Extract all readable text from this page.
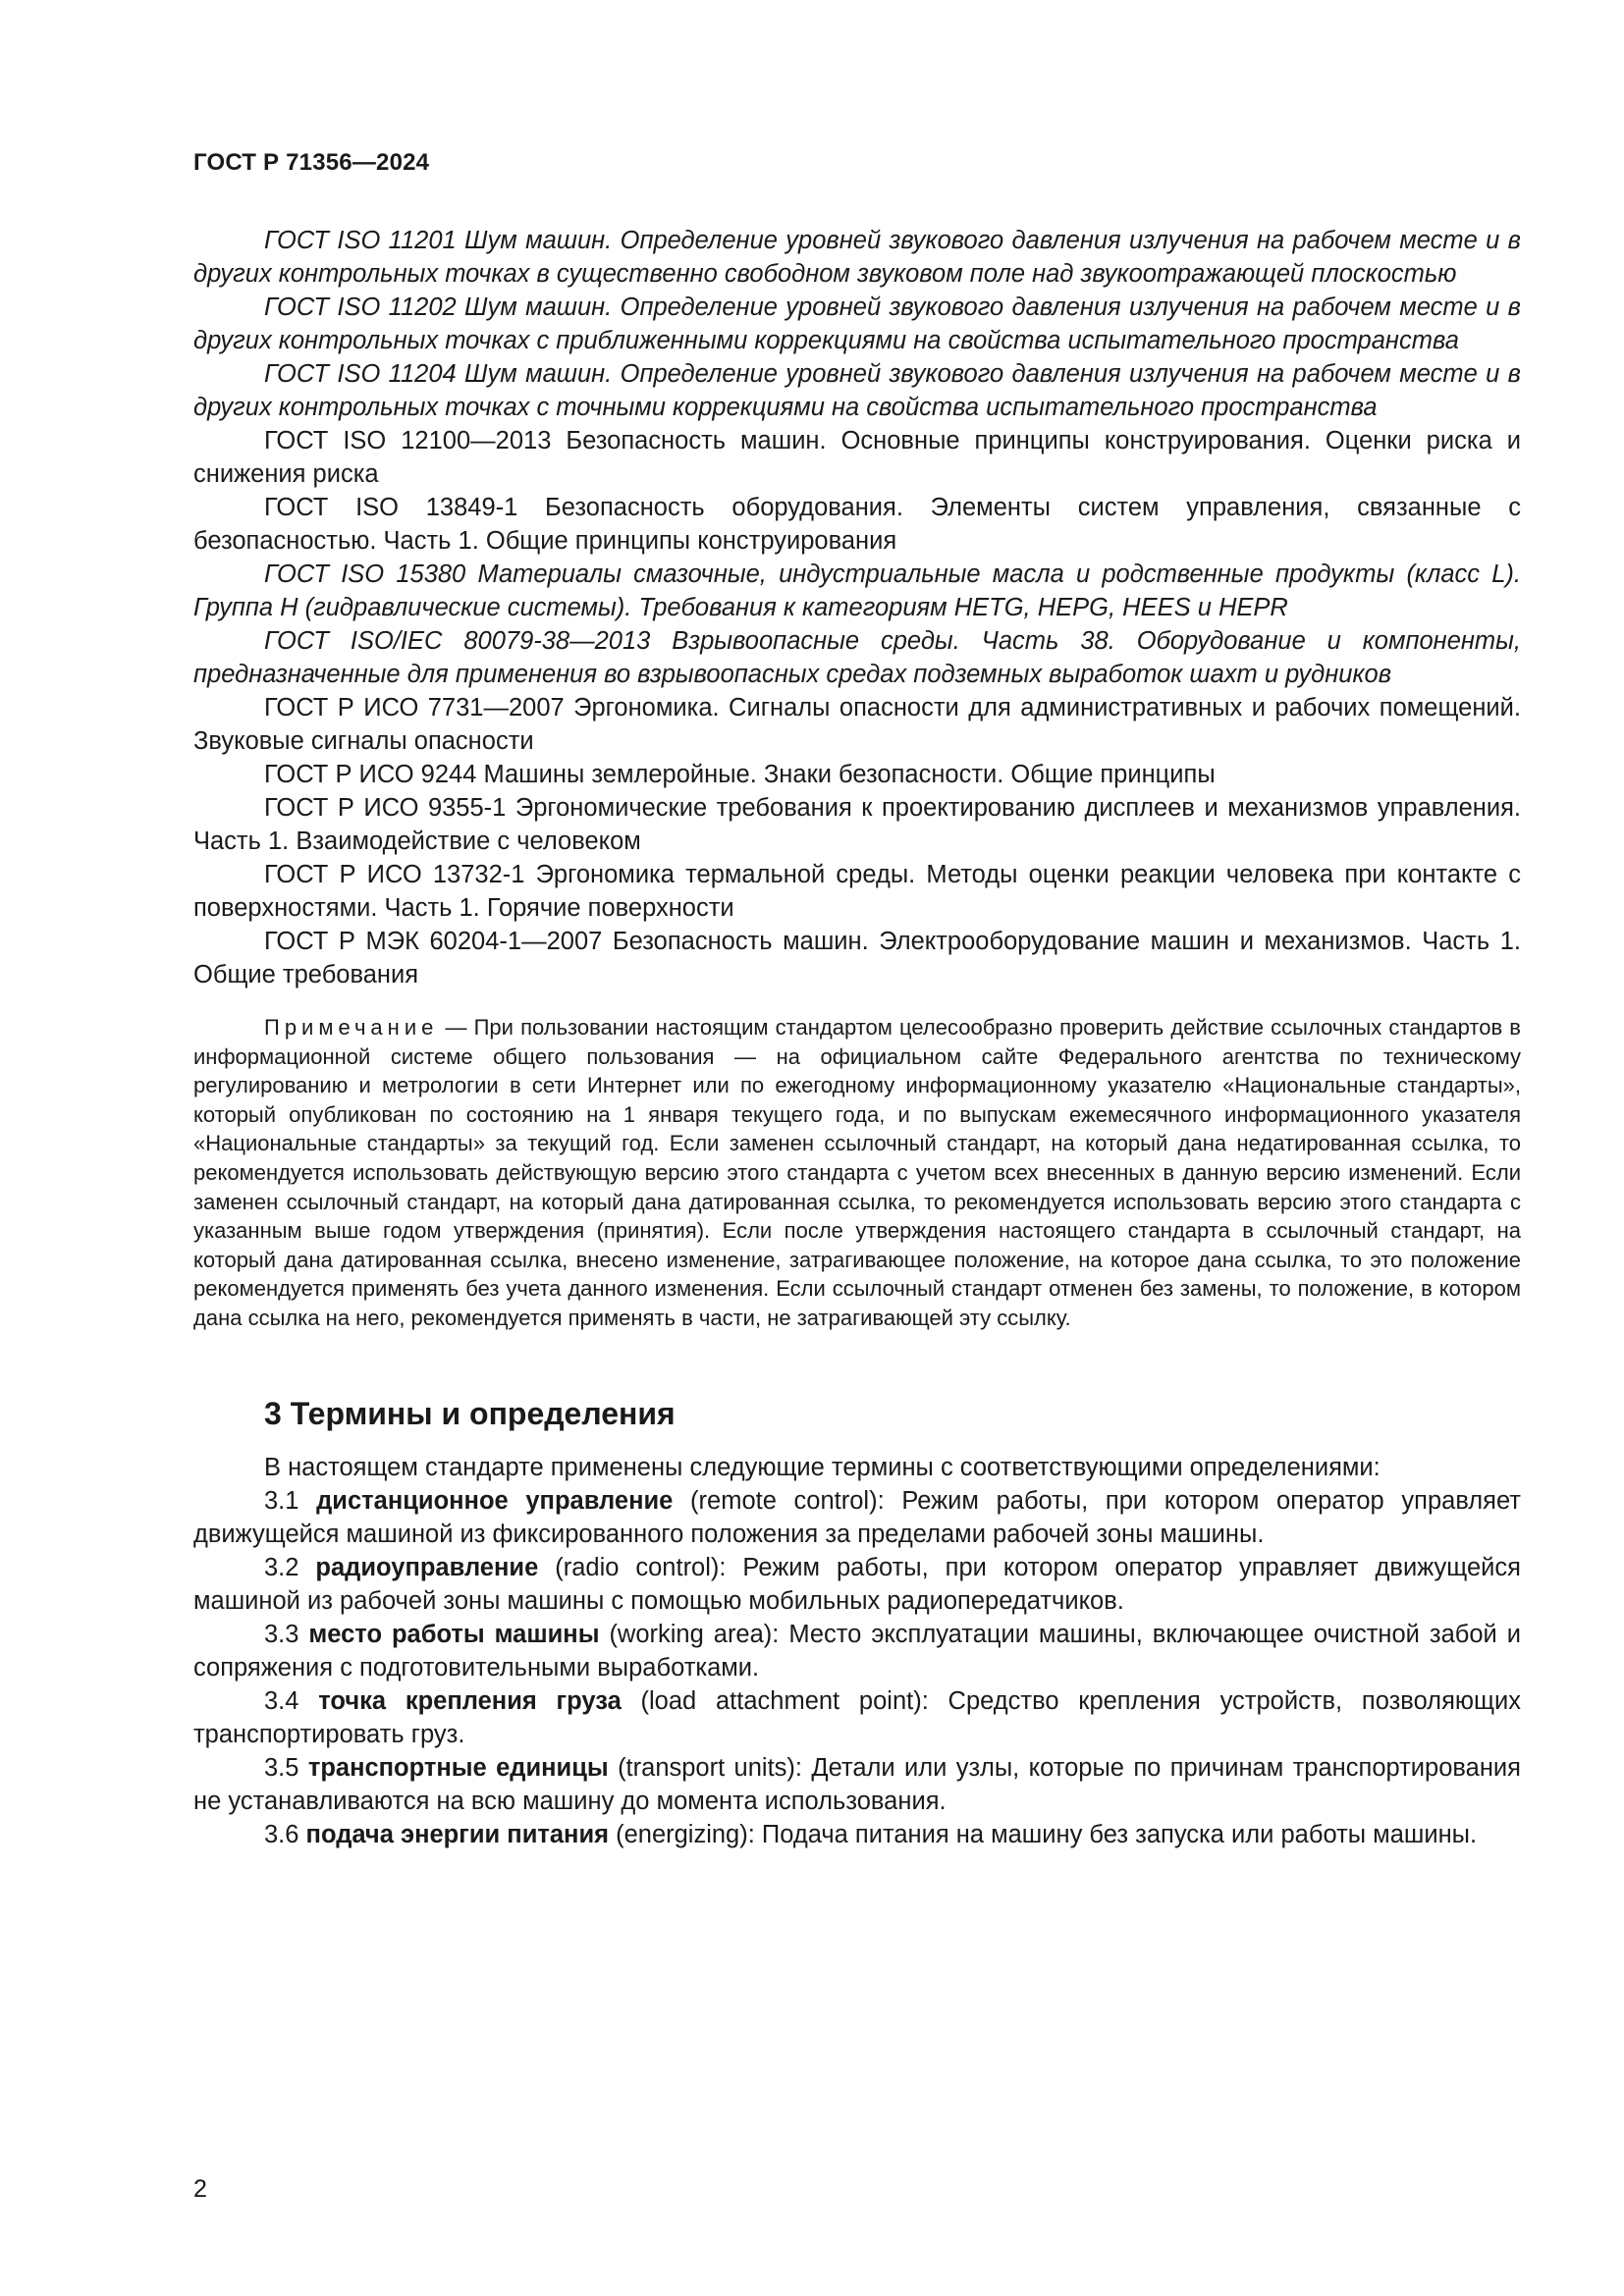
ГОСТ Р 71356—2024

ГОСТ ISO 11201 Шум машин. Определение уровней звукового давления излучения на рабочем месте и в других контрольных точках в существенно свободном звуковом поле над звукоотражающей плоскостью

ГОСТ ISO 11202 Шум машин. Определение уровней звукового давления излучения на рабочем месте и в других контрольных точках с приближенными коррекциями на свойства испытательного пространства

ГОСТ ISO 11204 Шум машин. Определение уровней звукового давления излучения на рабочем месте и в других контрольных точках с точными коррекциями на свойства испытательного пространства

ГОСТ ISO 12100—2013 Безопасность машин. Основные принципы конструирования. Оценки риска и снижения риска

ГОСТ ISO 13849-1 Безопасность оборудования. Элементы систем управления, связанные с безопасностью. Часть 1. Общие принципы конструирования

ГОСТ ISO 15380 Материалы смазочные, индустриальные масла и родственные продукты (класс L). Группа Н (гидравлические системы). Требования к категориям HETG, HEPG, HEES и HEPR

ГОСТ ISO/IEC 80079-38—2013 Взрывоопасные среды. Часть 38. Оборудование и компоненты, предназначенные для применения во взрывоопасных средах подземных выработок шахт и рудников

ГОСТ Р ИСО 7731—2007 Эргономика. Сигналы опасности для административных и рабочих помещений. Звуковые сигналы опасности

ГОСТ Р ИСО 9244 Машины землеройные. Знаки безопасности. Общие принципы

ГОСТ Р ИСО 9355-1 Эргономические требования к проектированию дисплеев и механизмов управления. Часть 1. Взаимодействие с человеком

ГОСТ Р ИСО 13732-1 Эргономика термальной среды. Методы оценки реакции человека при контакте с поверхностями. Часть 1. Горячие поверхности

ГОСТ Р МЭК 60204-1—2007 Безопасность машин. Электрооборудование машин и механизмов. Часть 1. Общие требования

Примечание — При пользовании настоящим стандартом целесообразно проверить действие ссылочных стандартов в информационной системе общего пользования — на официальном сайте Федерального агентства по техническому регулированию и метрологии в сети Интернет или по ежегодному информационному указателю «Национальные стандарты», который опубликован по состоянию на 1 января текущего года, и по выпускам ежемесячного информационного указателя «Национальные стандарты» за текущий год. Если заменен ссылочный стандарт, на который дана недатированная ссылка, то рекомендуется использовать действующую версию этого стандарта с учетом всех внесенных в данную версию изменений. Если заменен ссылочный стандарт, на который дана датированная ссылка, то рекомендуется использовать версию этого стандарта с указанным выше годом утверждения (принятия). Если после утверждения настоящего стандарта в ссылочный стандарт, на который дана датированная ссылка, внесено изменение, затрагивающее положение, на которое дана ссылка, то это положение рекомендуется применять без учета данного изменения. Если ссылочный стандарт отменен без замены, то положение, в котором дана ссылка на него, рекомендуется применять в части, не затрагивающей эту ссылку.

3 Термины и определения

В настоящем стандарте применены следующие термины с соответствующими определениями:

3.1 дистанционное управление (remote control): Режим работы, при котором оператор управляет движущейся машиной из фиксированного положения за пределами рабочей зоны машины.

3.2 радиоуправление (radio control): Режим работы, при котором оператор управляет движущейся машиной из рабочей зоны машины с помощью мобильных радиопередатчиков.

3.3 место работы машины (working area): Место эксплуатации машины, включающее очистной забой и сопряжения с подготовительными выработками.

3.4 точка крепления груза (load attachment point): Средство крепления устройств, позволяющих транспортировать груз.

3.5 транспортные единицы (transport units): Детали или узлы, которые по причинам транспортирования не устанавливаются на всю машину до момента использования.

3.6 подача энергии питания (energizing): Подача питания на машину без запуска или работы машины.

2
